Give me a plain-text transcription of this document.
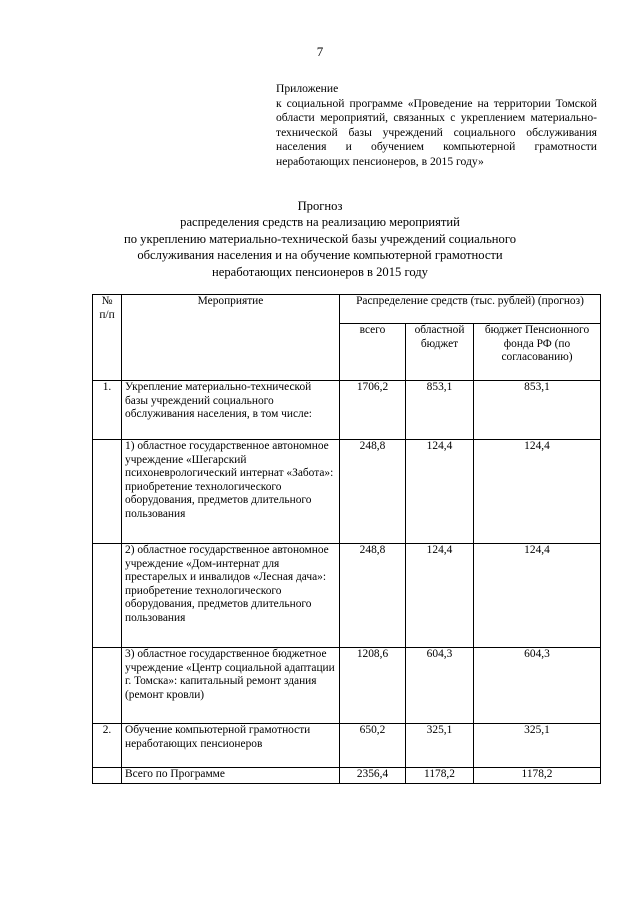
7
Приложение
к социальной программе «Проведение на территории Томской области мероприятий, связанных с укреплением материально-технической базы учреждений социального обслуживания населения и обучением компьютерной грамотности неработающих пенсионеров, в 2015 году»
Прогноз
распределения средств на реализацию мероприятий
по укреплению материально-технической базы учреждений социального
обслуживания населения и на обучение компьютерной грамотности
неработающих пенсионеров в 2015 году
№ п/п	Мероприятие	Распределение средств (тыс. рублей) (прогноз)		
		всего	областной бюджет	бюджет Пенсионного фонда РФ (по согласованию)
1.	Укрепление материально-технической базы учреждений социального обслуживания населения, в том числе:	1706,2	853,1	853,1
	1) областное государственное автономное учреждение «Шегарский психоневрологический интернат «Забота»: приобретение технологического оборудования, предметов длительного пользования	248,8	124,4	124,4
	2) областное государственное автономное учреждение «Дом-интернат для престарелых и инвалидов «Лесная дача»: приобретение технологического оборудования, предметов длительного пользования	248,8	124,4	124,4
	3) областное государственное бюджетное учреждение «Центр социальной адаптации г. Томска»: капитальный ремонт здания (ремонт кровли)	1208,6	604,3	604,3
2.	Обучение компьютерной грамотности неработающих пенсионеров	650,2	325,1	325,1
	Всего по Программе	2356,4	1178,2	1178,2
